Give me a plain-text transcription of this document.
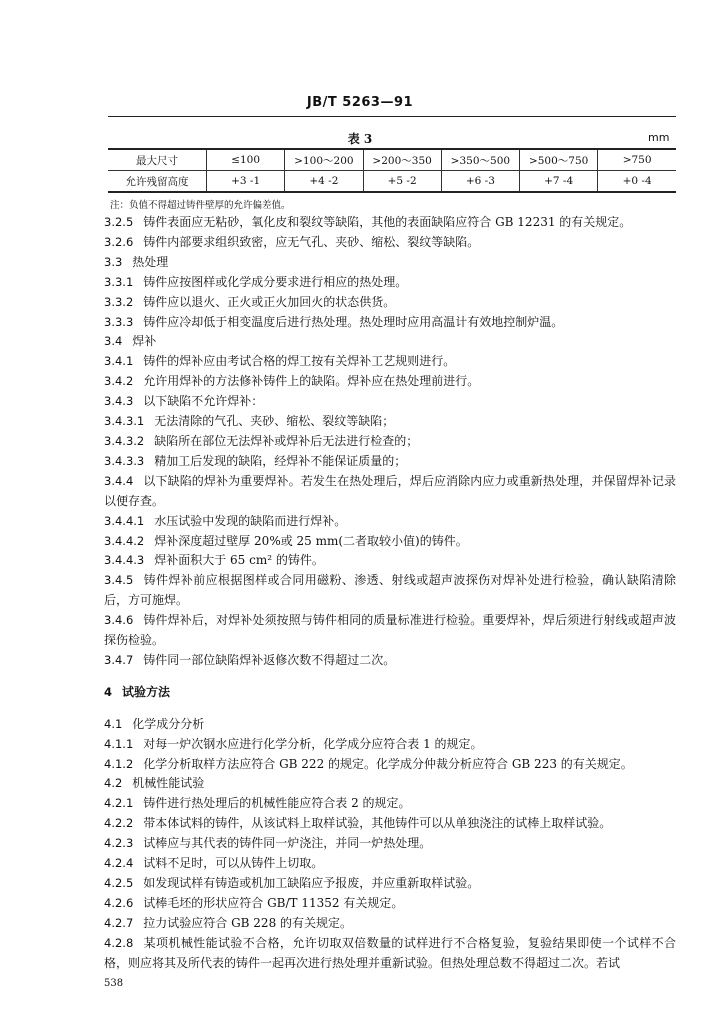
JB/T 5263—91
表 3	mm
最大尺寸	≤100	>100～200	>200～350	>350～500	>500～750	>750
允许残留高度	+3 -1	+4 -2	+5 -2	+6 -3	+7 -4	+0 -4
注：负值不得超过铸件壁厚的允许偏差值。
3.2.5 铸件表面应无粘砂，氧化皮和裂纹等缺陷，其他的表面缺陷应符合 GB 12231 的有关规定。
3.2.6 铸件内部要求组织致密，应无气孔、夹砂、缩松、裂纹等缺陷。
3.3 热处理
3.3.1 铸件应按图样或化学成分要求进行相应的热处理。
3.3.2 铸件应以退火、正火或正火加回火的状态供货。
3.3.3 铸件应冷却低于相变温度后进行热处理。热处理时应用高温计有效地控制炉温。
3.4 焊补
3.4.1 铸件的焊补应由考试合格的焊工按有关焊补工艺规则进行。
3.4.2 允许用焊补的方法修补铸件上的缺陷。焊补应在热处理前进行。
3.4.3 以下缺陷不允许焊补：
3.4.3.1 无法清除的气孔、夹砂、缩松、裂纹等缺陷；
3.4.3.2 缺陷所在部位无法焊补或焊补后无法进行检查的；
3.4.3.3 精加工后发现的缺陷，经焊补不能保证质量的；
3.4.4 以下缺陷的焊补为重要焊补。若发生在热处理后，焊后应消除内应力或重新热处理，并保留焊补记录以便存查。
3.4.4.1 水压试验中发现的缺陷而进行焊补。
3.4.4.2 焊补深度超过壁厚 20%或 25 mm(二者取较小值)的铸件。
3.4.4.3 焊补面积大于 65 cm² 的铸件。
3.4.5 铸件焊补前应根据图样或合同用磁粉、渗透、射线或超声波探伤对焊补处进行检验，确认缺陷清除后，方可施焊。
3.4.6 铸件焊补后，对焊补处须按照与铸件相同的质量标准进行检验。重要焊补，焊后须进行射线或超声波探伤检验。
3.4.7 铸件同一部位缺陷焊补返修次数不得超过二次。
4 试验方法
4.1 化学成分分析
4.1.1 对每一炉次钢水应进行化学分析，化学成分应符合表 1 的规定。
4.1.2 化学分析取样方法应符合 GB 222 的规定。化学成分仲裁分析应符合 GB 223 的有关规定。
4.2 机械性能试验
4.2.1 铸件进行热处理后的机械性能应符合表 2 的规定。
4.2.2 带本体试料的铸件，从该试料上取样试验，其他铸件可以从单独浇注的试棒上取样试验。
4.2.3 试棒应与其代表的铸件同一炉浇注，并同一炉热处理。
4.2.4 试料不足时，可以从铸件上切取。
4.2.5 如发现试样有铸造或机加工缺陷应予报废，并应重新取样试验。
4.2.6 试棒毛坯的形状应符合 GB/T 11352 有关规定。
4.2.7 拉力试验应符合 GB 228 的有关规定。
4.2.8 某项机械性能试验不合格，允许切取双倍数量的试样进行不合格复验，复验结果即使一个试样不合格，则应将其及所代表的铸件一起再次进行热处理并重新试验。但热处理总数不得超过二次。若试
538
